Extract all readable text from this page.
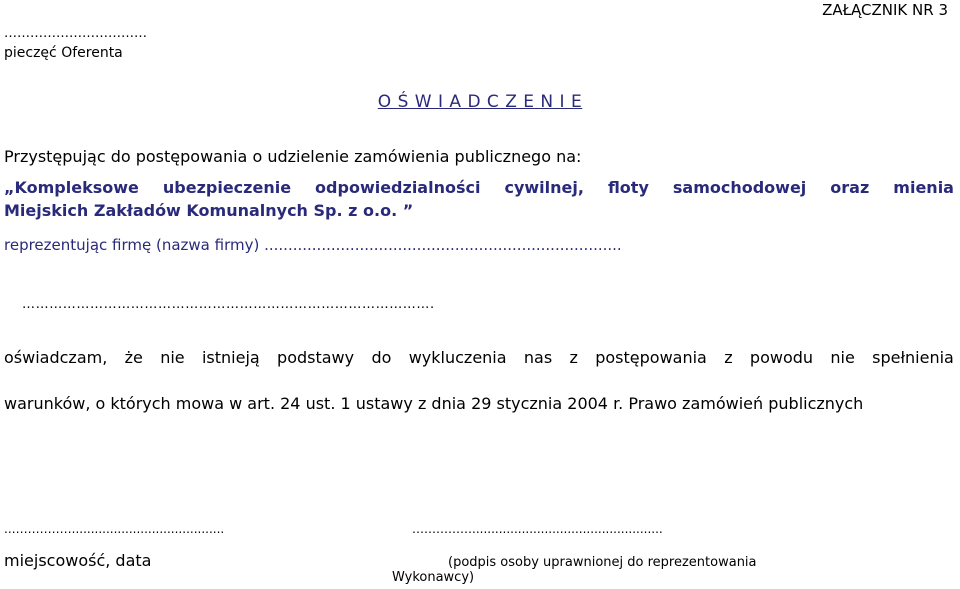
ZAŁĄCZNIK NR 3
……………………………
pieczęć Oferenta
O Ś W I A D C Z E N I E
Przystępując do postępowania o udzielenie zamówienia publicznego na:
„Kompleksowe ubezpieczenie odpowiedzialności cywilnej, floty samochodowej oraz mienia
Miejskich Zakładów Komunalnych Sp. z o.o. ”
reprezentując firmę (nazwa firmy) ...........................................................................
……………………………………………………………………………….
oświadczam, że nie istnieją podstawy do wykluczenia nas z postępowania z powodu nie spełnienia
warunków, o których mowa w art. 24 ust. 1 ustawy z dnia 29 stycznia 2004 r. Prawo zamówień publicznych
..……………........................................	……………..................................................
miejscowość, data	(podpis osoby uprawnionej do reprezentowania
Wykonawcy)
